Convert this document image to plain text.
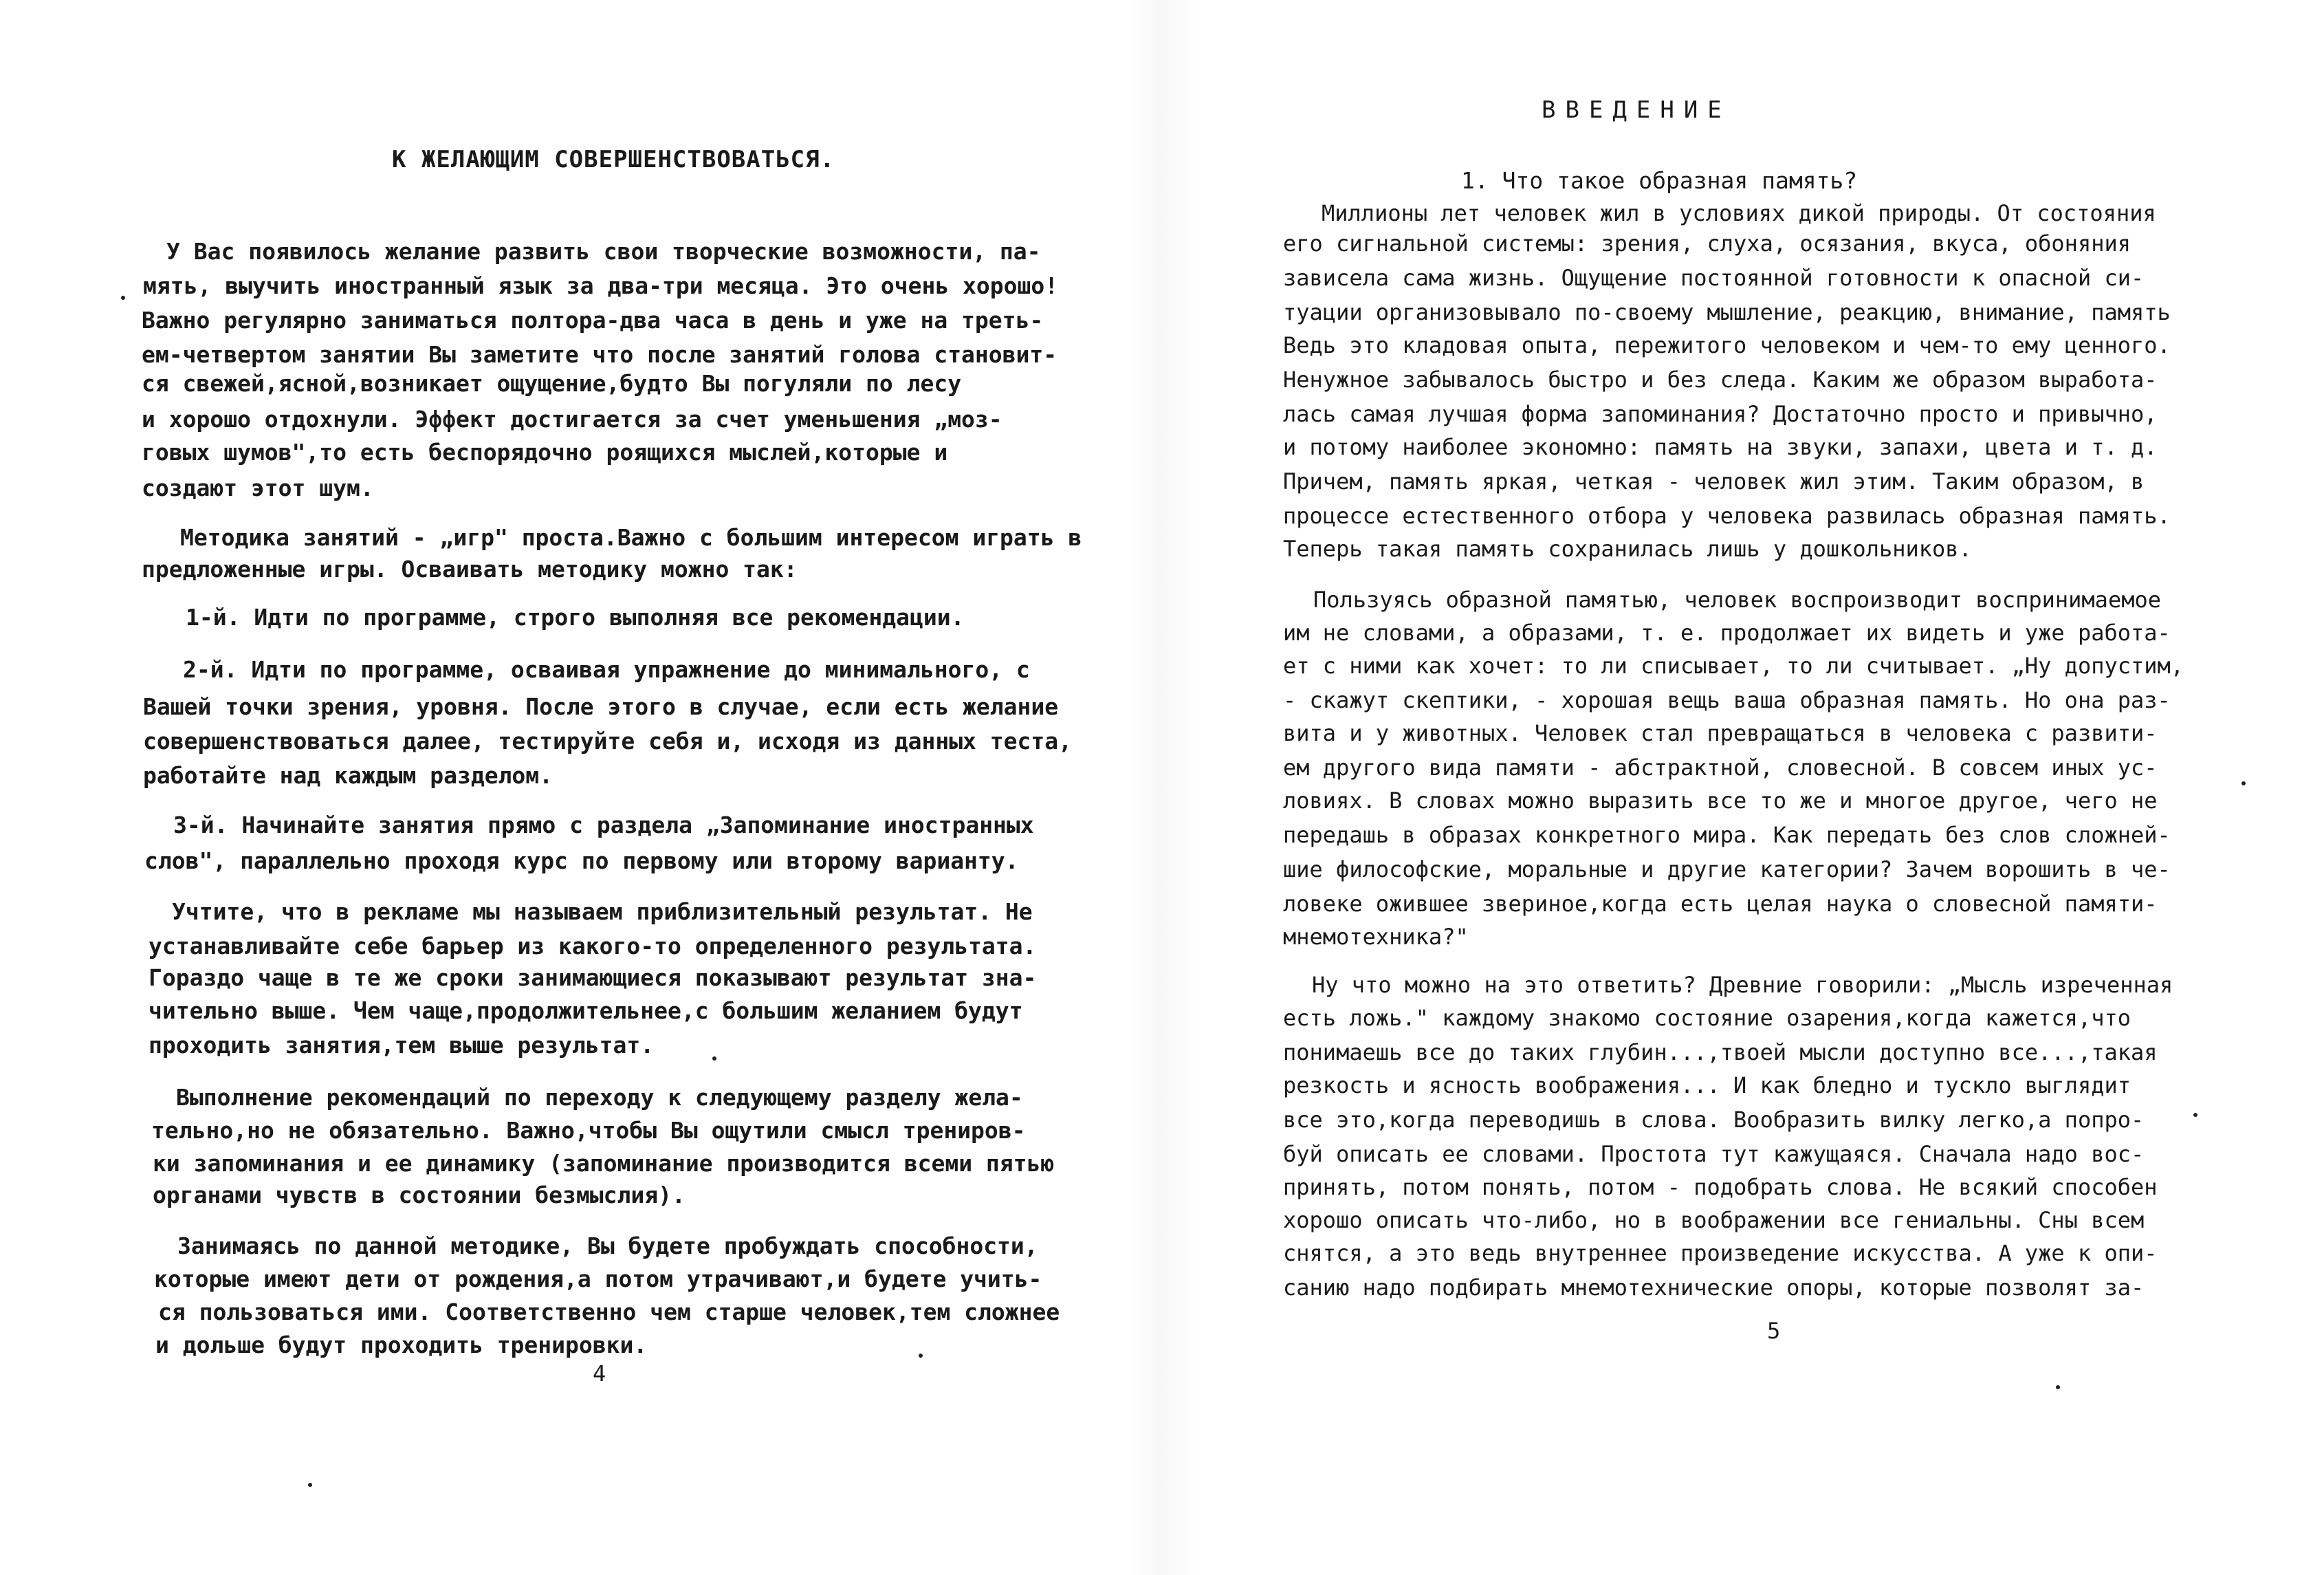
К ЖЕЛАЮЩИМ СОВЕРШЕНСТВОВАТЬСЯ.
У Вас появилось желание развить свои творческие возможности, па-
мять, выучить иностранный язык за два-три месяца. Это очень хорошо!
Важно регулярно заниматься полтора-два часа в день и уже на треть-
ем-четвертом занятии Вы заметите что после занятий голова становит-
ся свежей,ясной,возникает ощущение,будто Вы погуляли по лесу
и хорошо отдохнули. Эффект достигается за счет уменьшения „моз-
говых шумов",то есть беспорядочно роящихся мыслей,которые и
создают этот шум.
Методика занятий - „игр" проста.Важно с большим интересом играть в
предложенные игры. Осваивать методику можно так:
1-й. Идти по программе, строго выполняя все рекомендации.
2-й. Идти по программе, осваивая упражнение до минимального, с
Вашей точки зрения, уровня. После этого в случае, если есть желание
совершенствоваться далее, тестируйте себя и, исходя из данных теста,
работайте над каждым разделом.
3-й. Начинайте занятия прямо с раздела „Запоминание иностранных
слов", параллельно проходя курс по первому или второму варианту.
Учтите, что в рекламе мы называем приблизительный результат. Не
устанавливайте себе барьер из какого-то определенного результата.
Гораздо чаще в те же сроки занимающиеся показывают результат зна-
чительно выше. Чем чаще,продолжительнее,с большим желанием будут
проходить занятия,тем выше результат.
Выполнение рекомендаций по переходу к следующему разделу жела-
тельно,но не обязательно. Важно,чтобы Вы ощутили смысл трениров-
ки запоминания и ее динамику (запоминание производится всеми пятью
органами чувств в состоянии безмыслия).
Занимаясь по данной методике, Вы будете пробуждать способности,
которые имеют дети от рождения,а потом утрачивают,и будете учить-
ся пользоваться ими. Соответственно чем старше человек,тем сложнее
и дольше будут проходить тренировки.
4
ВВЕДЕНИЕ
1. Что такое образная память?
Миллионы лет человек жил в условиях дикой природы. От состояния
его сигнальной системы: зрения, слуха, осязания, вкуса, обоняния
зависела сама жизнь. Ощущение постоянной готовности к опасной си-
туации организовывало по-своему мышление, реакцию, внимание, память
Ведь это кладовая опыта, пережитого человеком и чем-то ему ценного.
Ненужное забывалось быстро и без следа. Каким же образом выработа-
лась самая лучшая форма запоминания? Достаточно просто и привычно,
и потому наиболее экономно: память на звуки, запахи, цвета и т. д.
Причем, память яркая, четкая - человек жил этим. Таким образом, в
процессе естественного отбора у человека развилась образная память.
Теперь такая память сохранилась лишь у дошкольников.
Пользуясь образной памятью, человек воспроизводит воспринимаемое
им не словами, а образами, т. е. продолжает их видеть и уже работа-
ет с ними как хочет: то ли списывает, то ли считывает. „Ну допустим,
- скажут скептики, - хорошая вещь ваша образная память. Но она раз-
вита и у животных. Человек стал превращаться в человека с развити-
ем другого вида памяти - абстрактной, словесной. В совсем иных ус-
ловиях. В словах можно выразить все то же и многое другое, чего не
передашь в образах конкретного мира. Как передать без слов сложней-
шие философские, моральные и другие категории? Зачем ворошить в че-
ловеке ожившее звериное,когда есть целая наука о словесной памяти-
мнемотехника?"
Ну что можно на это ответить? Древние говорили: „Мысль изреченная
есть ложь." каждому знакомо состояние озарения,когда кажется,что
понимаешь все до таких глубин...,твоей мысли доступно все...,такая
резкость и ясность воображения... И как бледно и тускло выглядит
все это,когда переводишь в слова. Вообразить вилку легко,а попро-
буй описать ее словами. Простота тут кажущаяся. Сначала надо вос-
принять, потом понять, потом - подобрать слова. Не всякий способен
хорошо описать что-либо, но в воображении все гениальны. Сны всем
снятся, а это ведь внутреннее произведение искусства. А уже к опи-
санию надо подбирать мнемотехнические опоры, которые позволят за-
5
